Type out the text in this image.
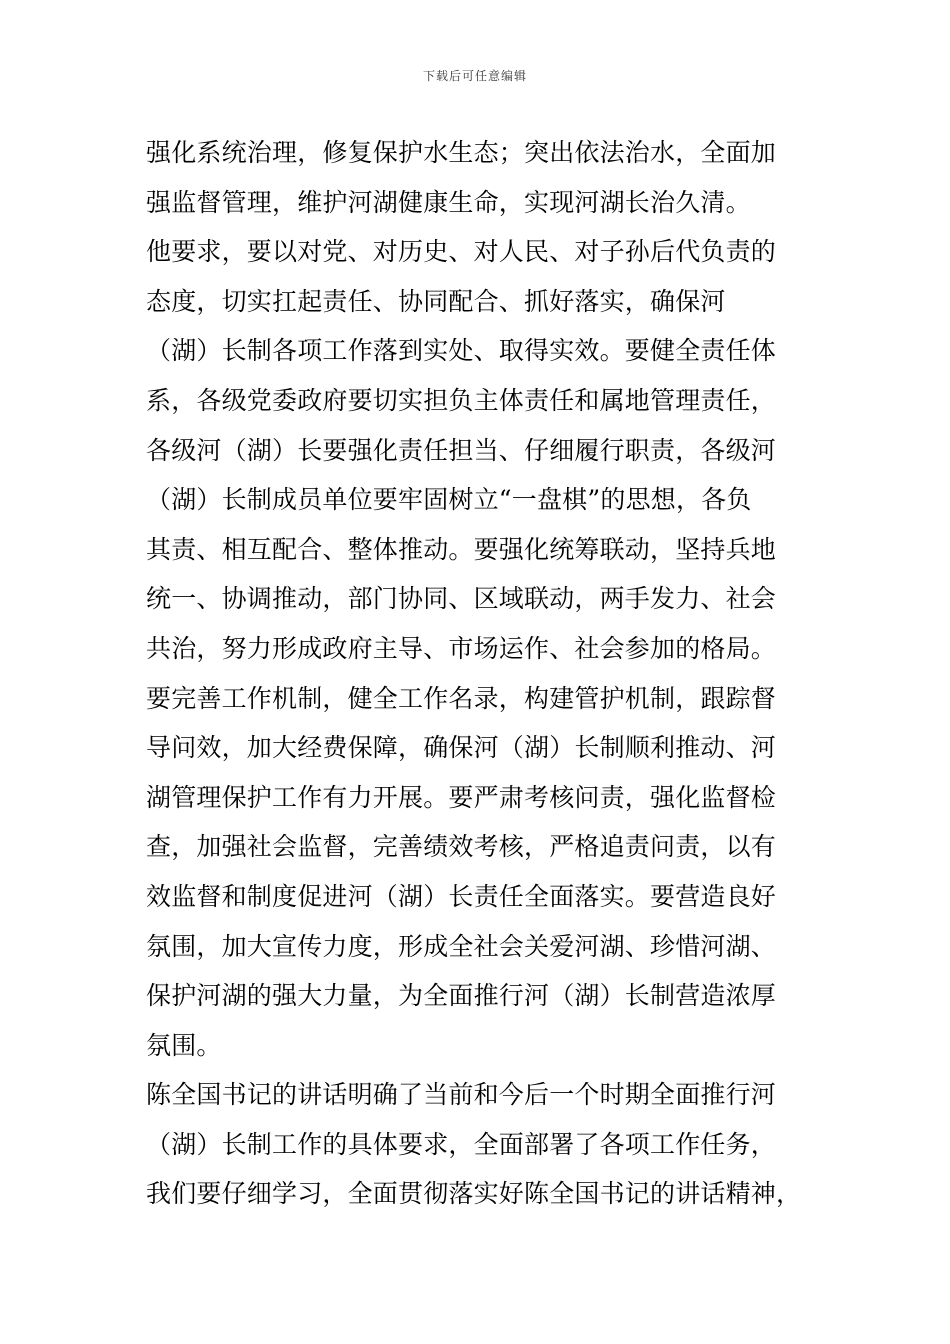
下载后可任意编辑
强化系统治理，修复保护水生态；突出依法治水，全面加
强监督管理，维护河湖健康生命，实现河湖长治久清。
他要求，要以对党、对历史、对人民、对子孙后代负责的
态度，切实扛起责任、协同配合、抓好落实，确保河
（湖）长制各项工作落到实处、取得实效。要健全责任体
系，各级党委政府要切实担负主体责任和属地管理责任，
各级河（湖）长要强化责任担当、仔细履行职责，各级河
（湖）长制成员单位要牢固树立“一盘棋”的思想，各负
其责、相互配合、整体推动。要强化统筹联动，坚持兵地
统一、协调推动，部门协同、区域联动，两手发力、社会
共治，努力形成政府主导、市场运作、社会参加的格局。
要完善工作机制，健全工作名录，构建管护机制，跟踪督
导问效，加大经费保障，确保河（湖）长制顺利推动、河
湖管理保护工作有力开展。要严肃考核问责，强化监督检
查，加强社会监督，完善绩效考核，严格追责问责，以有
效监督和制度促进河（湖）长责任全面落实。要营造良好
氛围，加大宣传力度，形成全社会关爱河湖、珍惜河湖、
保护河湖的强大力量，为全面推行河（湖）长制营造浓厚
氛围。
陈全国书记的讲话明确了当前和今后一个时期全面推行河
（湖）长制工作的具体要求，全面部署了各项工作任务，
我们要仔细学习，全面贯彻落实好陈全国书记的讲话精神，
